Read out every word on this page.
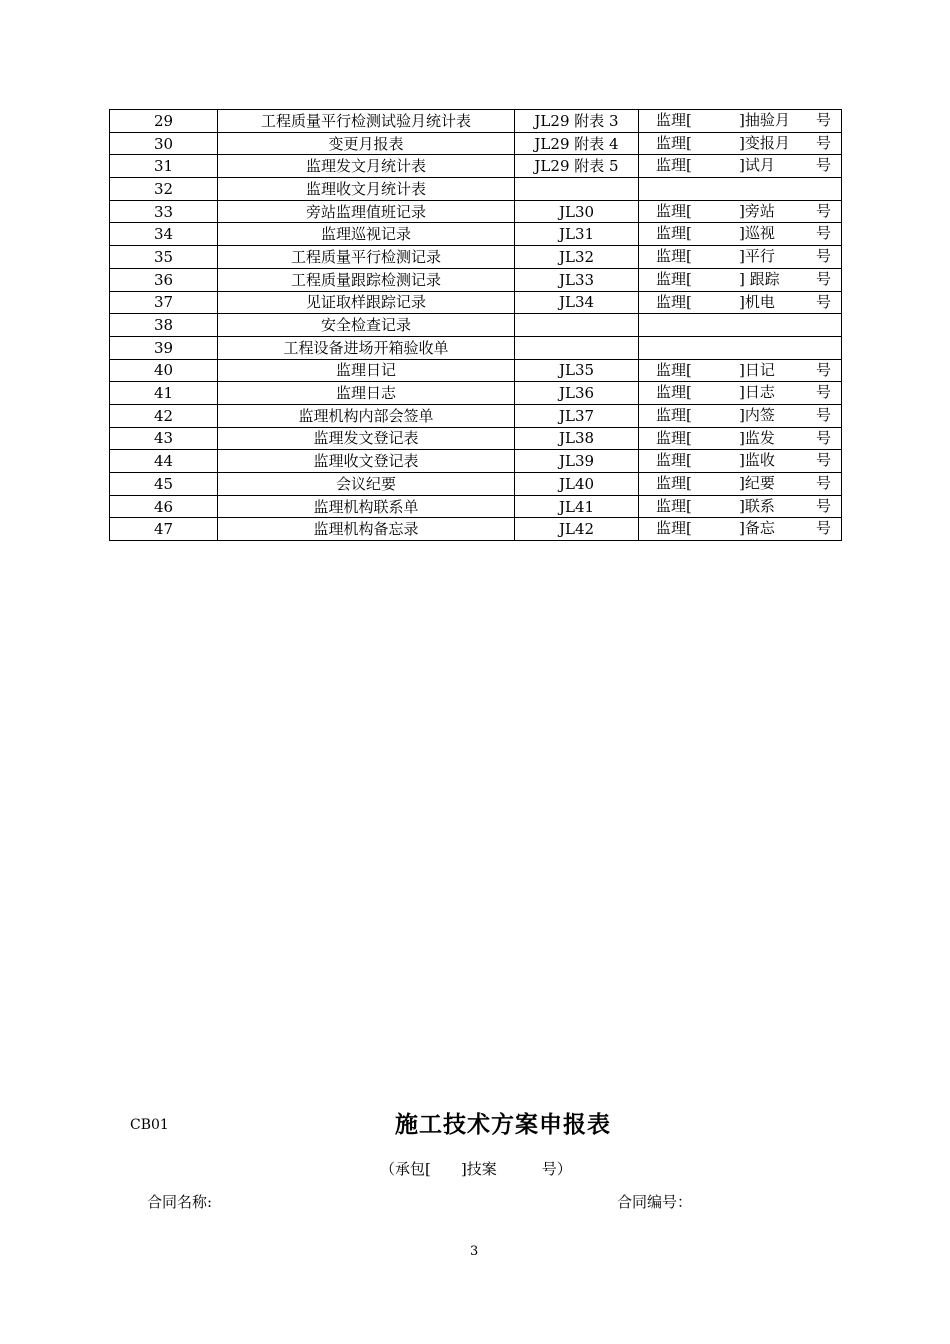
29	工程质量平行检测试验月统计表	JL29 附表 3	监理[ ]抽验月 号

30	变更月报表	JL29 附表 4	监理[ ]变报月 号

31	监理发文月统计表	JL29 附表 5	监理[ ]试月 号

32	监理收文月统计表		

33	旁站监理值班记录	JL30	监理[ ]旁站 号

34	监理巡视记录	JL31	监理[ ]巡视 号

35	工程质量平行检测记录	JL32	监理[ ]平行 号

36	工程质量跟踪检测记录	JL33	监理[ ] 跟踪 号

37	见证取样跟踪记录	JL34	监理[ ]机电 号

38	安全检查记录		

39	工程设备进场开箱验收单		

40	监理日记	JL35	监理[ ]日记 号

41	监理日志	JL36	监理[ ]日志 号

42	监理机构内部会签单	JL37	监理[ ]内签 号

43	监理发文登记表	JL38	监理[ ]监发 号

44	监理收文登记表	JL39	监理[ ]监收 号

45	会议纪要	JL40	监理[ ]纪要 号

46	监理机构联系单	JL41	监理[ ]联系 号

47	监理机构备忘录	JL42	监理[ ]备忘 号
CB01	施工技术方案申报表
（承包[　　]技案　　　号）
合同名称:	合同编号：
3
